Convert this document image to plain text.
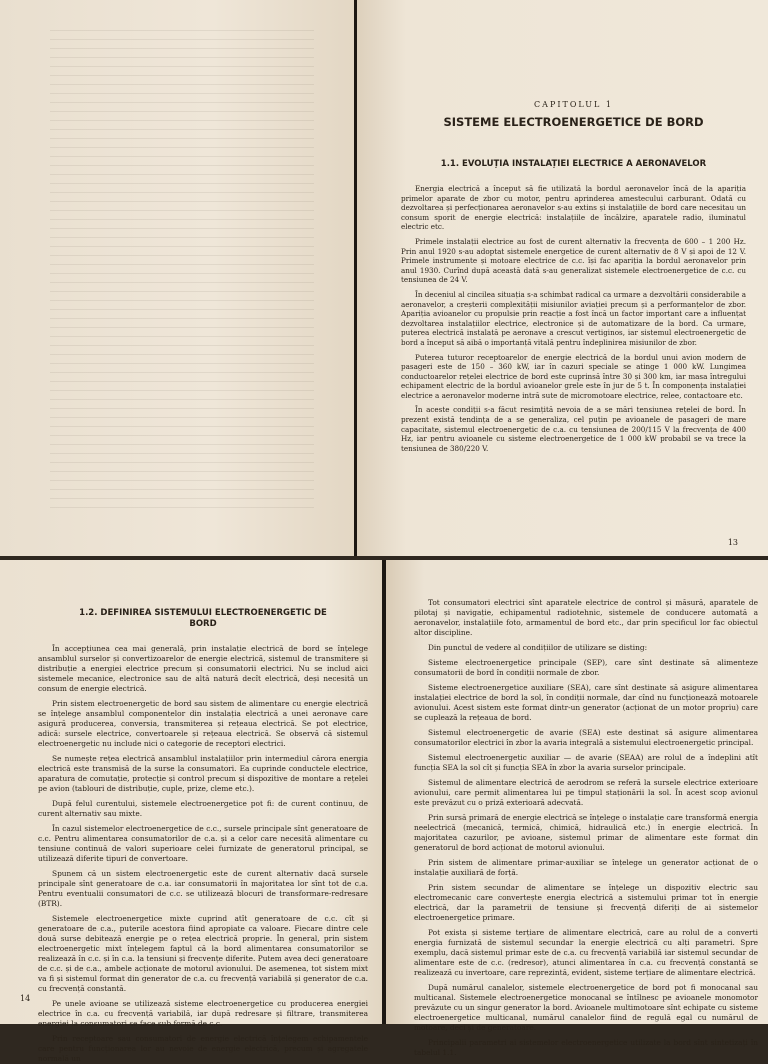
CAPITOLUL 1
SISTEME ELECTROENERGETICE DE BORD
1.1. EVOLUȚIA INSTALAȚIEI ELECTRICE A AERONAVELOR

Energia electrică a început să fie utilizată la bordul aeronavelor încă de la apariția primelor aparate de zbor cu motor, pentru aprinderea amestecului carburant. Odată cu dezvoltarea și perfecționarea aeronavelor s-au extins și instalațiile de bord care necesitau un consum sporit de energie electrică: instalațiile de încălzire, aparatele radio, iluminatul electric etc.

Primele instalații electrice au fost de curent alternativ la frecvența de 600 – 1 200 Hz. Prin anul 1920 s-au adoptat sistemele energetice de curent alternativ de 8 V și apoi de 12 V. Primele instrumente și motoare electrice de c.c. își fac apariția la bordul aeronavelor prin anul 1930. Curînd după această dată s-au generalizat sistemele electroenergetice de c.c. cu tensiunea de 24 V.

În deceniul al cincilea situația s-a schimbat radical ca urmare a dezvoltării considerabile a aeronavelor, a creșterii complexității misiunilor aviației precum și a performanțelor de zbor. Apariția avioanelor cu propulsie prin reacție a fost încă un factor important care a influențat dezvoltarea instalațiilor electrice, electronice și de automatizare de la bord. Ca urmare, puterea electrică instalată pe aeronave a crescut vertiginos, iar sistemul electroenergetic de bord a început să aibă o importanță vitală pentru îndeplinirea misiunilor de zbor.

Puterea tuturor receptoarelor de energie electrică de la bordul unui avion modern de pasageri este de 150 – 360 kW, iar în cazuri speciale se atinge 1 000 kW. Lungimea conductoarelor rețelei electrice de bord este cuprinsă între 30 și 300 km, iar masa întregului echipament electric de la bordul avioanelor grele este în jur de 5 t. În componența instalației electrice a aeronavelor moderne intră sute de micromotoare electrice, relee, contactoare etc.

În aceste condiții s-a făcut resimțită nevoia de a se mări tensiunea rețelei de bord. În prezent există tendința de a se generaliza, cel puțin pe avioanele de pasageri de mare capacitate, sistemul electroenergetic de c.a. cu tensiunea de 200/115 V la frecvența de 400 Hz, iar pentru avioanele cu sisteme electroenergetice de 1 000 kW probabil se va trece la tensiunea de 380/220 V.

13
1.2. DEFINIREA SISTEMULUI ELECTROENERGETIC DE BORD

În accepțiunea cea mai generală, prin instalație electrică de bord se înțelege ansamblul surselor și convertizoarelor de energie electrică, sistemul de transmitere și distribuție a energiei electrice precum și consumatorii electrici. Nu se includ aici sistemele mecanice, electronice sau de altă natură decît electrică, deși necesită un consum de energie electrică.

Prin sistem electroenergetic de bord sau sistem de alimentare cu energie electrică se înțelege ansamblul componentelor din instalația electrică a unei aeronave care asigură producerea, conversia, transmiterea și rețeaua electrică. Se pot electrice, adică: sursele electrice, convertoarele și rețeaua electrică. Se observă că sistemul electroenergetic nu include nici o categorie de receptori electrici.

Se numește rețea electrică ansamblul instalațiilor prin intermediul cărora energia electrică este transmisă de la surse la consumatori. Ea cuprinde conductele electrice, aparatura de comutație, protecție și control precum și dispozitive de montare a rețelei pe avion (tablouri de distribuție, cuple, prize, cleme etc.).

După felul curentului, sistemele electroenergetice pot fi: de curent continuu, de curent alternativ sau mixte.

În cazul sistemelor electroenergetice de c.c., sursele principale sînt generatoare de c.c. Pentru alimentarea consumatorilor de c.a. și a celor care necesită alimentare cu tensiune continuă de valori superioare celei furnizate de generatorul principal, se utilizează diferite tipuri de convertoare.

Spunem că un sistem electroenergetic este de curent alternativ dacă sursele principale sînt generatoare de c.a. iar consumatorii în majoritatea lor sînt tot de c.a. Pentru eventualii consumatori de c.c. se utilizează blocuri de transformare-redresare (BTR).

Sistemele electroenergetice mixte cuprind atît generatoare de c.c. cît și generatoare de c.a., puterile acestora fiind apropiate ca valoare. Fiecare dintre cele două surse debitează energie pe o rețea electrică proprie. În general, prin sistem electroenergetic mixt înțelegem faptul că la bord alimentarea consumatorilor se realizează în c.c. și în c.a. la tensiuni și frecvențe diferite. Putem avea deci generatoare de c.c. și de c.a., ambele acționate de motorul avionului. De asemenea, tot sistem mixt va fi și sistemul format din generator de c.a. cu frecvență variabilă și generator de c.a. cu frecvență constantă.

Pe unele avioane se utilizează sisteme electroenergetice cu producerea energiei electrice în c.a. cu frecvență variabilă, iar după redresare și filtrare, transmiterea energiei la consumatori se face sub formă de c.c.

Prin receptoare sau consumatori de energie electrică înțelegem echipamentele care pentru funcționarea lor au nevoie de energie electrică, precum și agregatele normală un

14

Tot consumatori electrici sînt aparatele electrice de control și măsură, aparatele de pilotaj și navigație, echipamentul radiotehnic, sistemele de conducere automată a aeronavelor, instalațiile foto, armamentul de bord etc., dar prin specificul lor fac obiectul altor discipline.

Din punctul de vedere al condițiilor de utilizare se disting:

Sisteme electroenergetice principale (SEP), care sînt destinate să alimenteze consumatorii de bord în condiții normale de zbor.

Sisteme electroenergetice auxiliare (SEA), care sînt destinate să asigure alimentarea instalației electrice de bord la sol, în condiții normale, dar cînd nu funcționează motoarele avionului. Acest sistem este format dintr-un generator (acționat de un motor propriu) care se cuplează la rețeaua de bord.

Sistemul electroenergetic de avarie (SEA) este destinat să asigure alimentarea consumatorilor electrici în zbor la avaria integrală a sistemului electroenergetic principal.

Sistemul electroenergetic auxiliar — de avarie (SEAA) are rolul de a îndeplini atît funcția SEA la sol cît și funcția SEA în zbor la avaria surselor principale.

Sistemul de alimentare electrică de aerodrom se referă la sursele electrice exterioare avionului, care permit alimentarea lui pe timpul staționării la sol. În acest scop avionul este prevăzut cu o priză exterioară adecvată.

Prin sursă primară de energie electrică se înțelege o instalație care transformă energia neelectrică (mecanică, termică, chimică, hidraulică etc.) în energie electrică. În majoritatea cazurilor, pe avioane, sistemul primar de alimentare este format din generatorul de bord acționat de motorul avionului.

Prin sistem de alimentare primar-auxiliar se înțelege un generator acționat de o instalație auxiliară de forță.

Prin sistem secundar de alimentare se înțelege un dispozitiv electric sau electromecanic care convertește energia electrică a sistemului primar tot în energie electrică, dar la parametrii de tensiune și frecvență diferiți de ai sistemelor electroenergetice primare.

Pot exista și sisteme terțiare de alimentare electrică, care au rolul de a converti energia furnizată de sistemul secundar la energie electrică cu alți parametri. Spre exemplu, dacă sistemul primar este de c.a. cu frecvență variabilă iar sistemul secundar de alimentare este de c.c. (redresor), atunci alimentarea în c.a. cu frecvență constantă se realizează cu invertoare, care reprezintă, evident, sisteme terțiare de alimentare electrică.

După numărul canalelor, sistemele electroenergetice de bord pot fi monocanal sau multicanal. Sistemele electroenergetice monocanal se întîlnesc pe avioanele monomotor prevăzute cu un singur generator la bord. Avioanele multimotoare sînt echipate cu sisteme electroenergetice multicanal, numărul canalelor fiind de regulă egal cu numărul de motoare, deci și de generatoare.

Principalii parametri ai sistemelor electroenergetice utilizate la bord sînt sintetizați în tabelul 1.1.
